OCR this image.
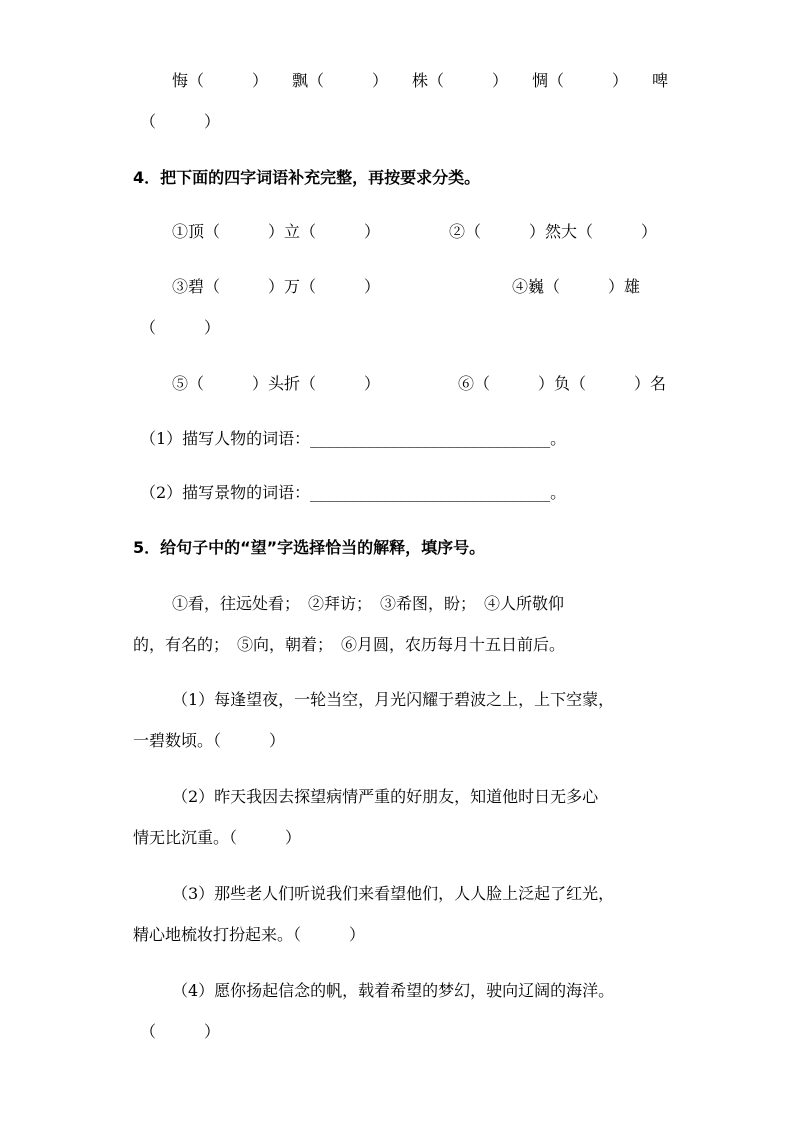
悔（　　　）　　飘（　　　）　　株（　　　）　　惆（　　　）　　啤
（　　　）
4．把下面的四字词语补充完整，再按要求分类。
①顶（　　　）立（　　　）	②（　　　）然大（　　　）
③碧（　　　）万（　　　）	④巍（　　　）雄
（　　　）
⑤（　　　）头折（　　　）	⑥（　　　）负（　　　）名
（1）描写人物的词语：______________________________。
（2）描写景物的词语：______________________________。
5．给句子中的“望”字选择恰当的解释，填序号。
①看，往远处看；　②拜访；　③希图，盼；　④人所敬仰
的，有名的；　⑤向，朝着；　⑥月圆，农历每月十五日前后。
（1）每逢望夜，一轮当空，月光闪耀于碧波之上，上下空蒙，
一碧数顷。（　　　）
（2）昨天我因去探望病情严重的好朋友，知道他时日无多心
情无比沉重。（　　　）
（3）那些老人们听说我们来看望他们，人人脸上泛起了红光，
精心地梳妆打扮起来。（　　　）
（4）愿你扬起信念的帆，载着希望的梦幻，驶向辽阔的海洋。
（　　　）
